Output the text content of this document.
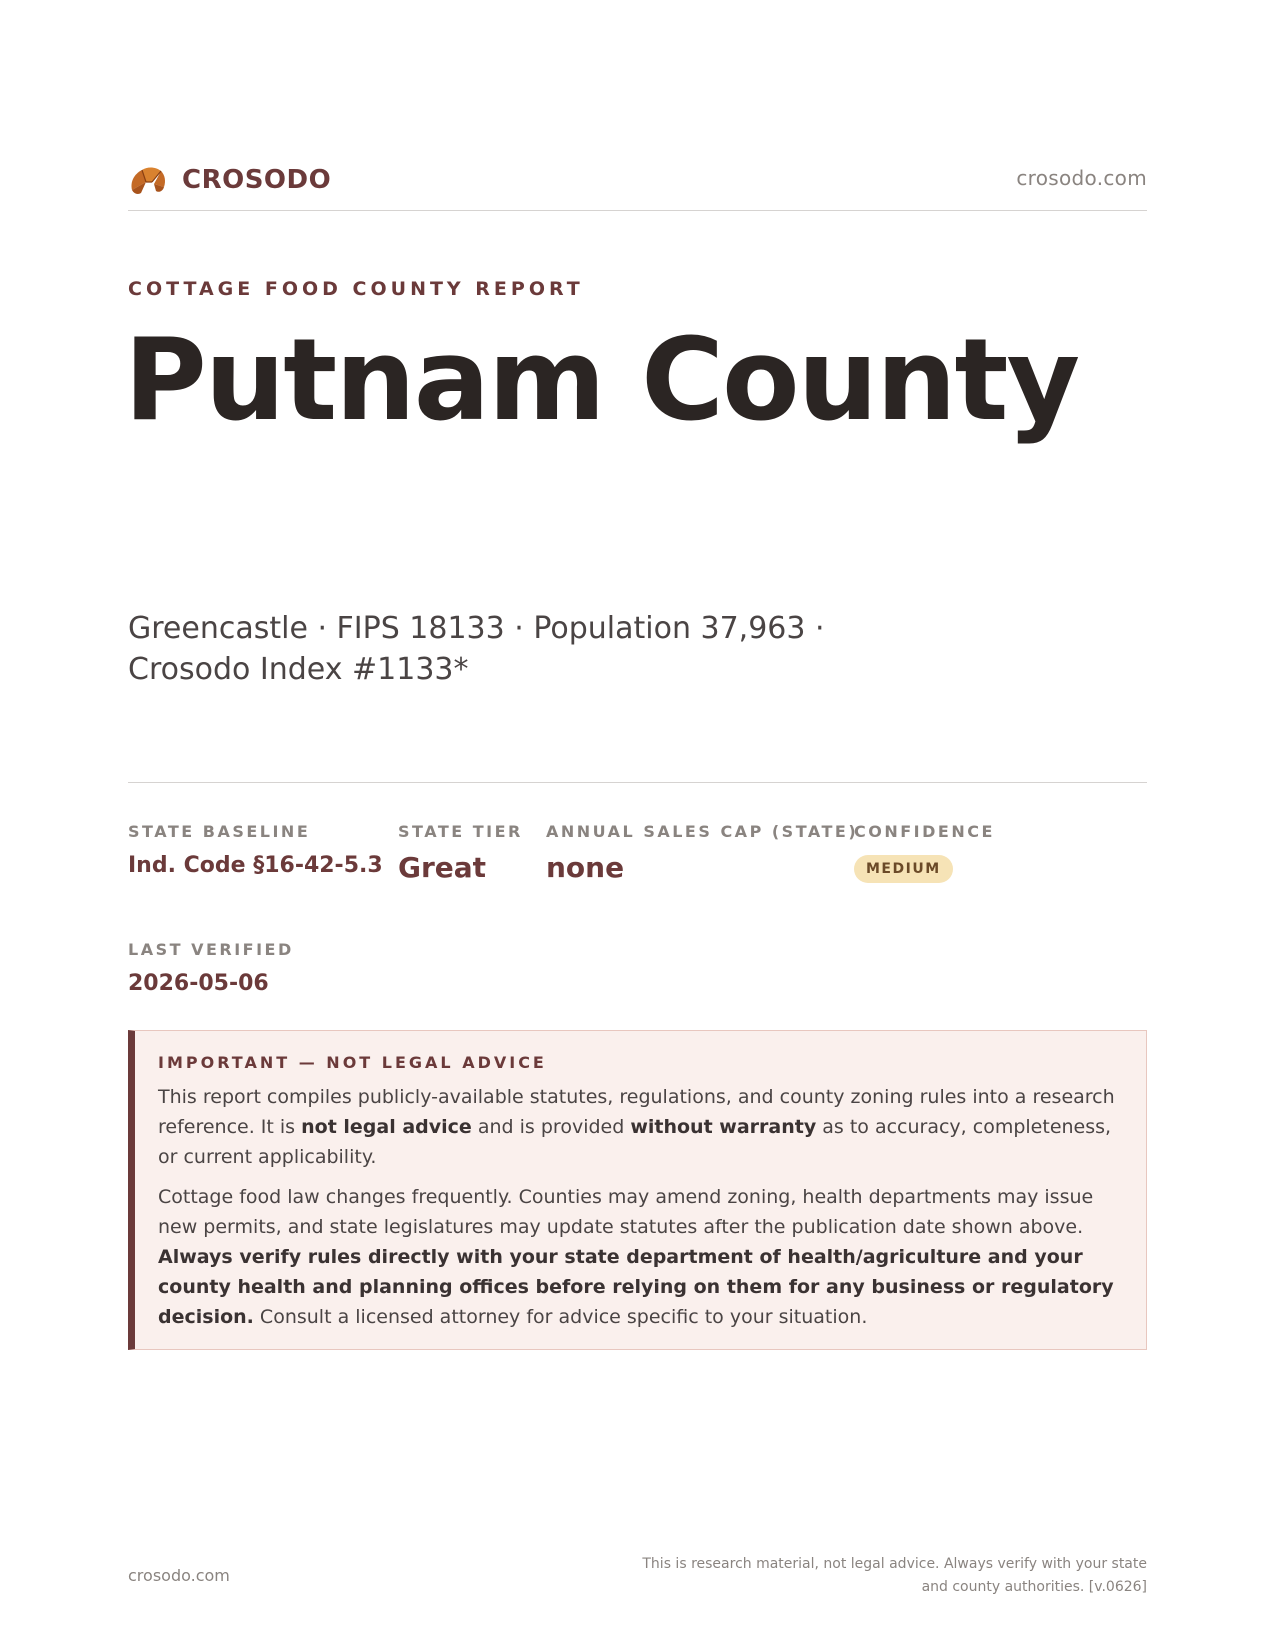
CROSODO	crosodo.com
COTTAGE FOOD COUNTY REPORT
Putnam County
Greencastle · FIPS 18133 · Population 37,963 · Crosodo Index #1133*
STATE BASELINE
Ind. Code §16-42-5.3
STATE TIER
Great
ANNUAL SALES CAP (STATE)
none
CONFIDENCE
MEDIUM
LAST VERIFIED
2026-05-06
IMPORTANT — NOT LEGAL ADVICE

This report compiles publicly-available statutes, regulations, and county zoning rules into a research reference. It is not legal advice and is provided without warranty as to accuracy, completeness, or current applicability.

Cottage food law changes frequently. Counties may amend zoning, health departments may issue new permits, and state legislatures may update statutes after the publication date shown above. Always verify rules directly with your state department of health/agriculture and your county health and planning offices before relying on them for any business or regulatory decision. Consult a licensed attorney for advice specific to your situation.

crosodo.com
This is research material, not legal advice. Always verify with your state and county authorities. [v.0626]
